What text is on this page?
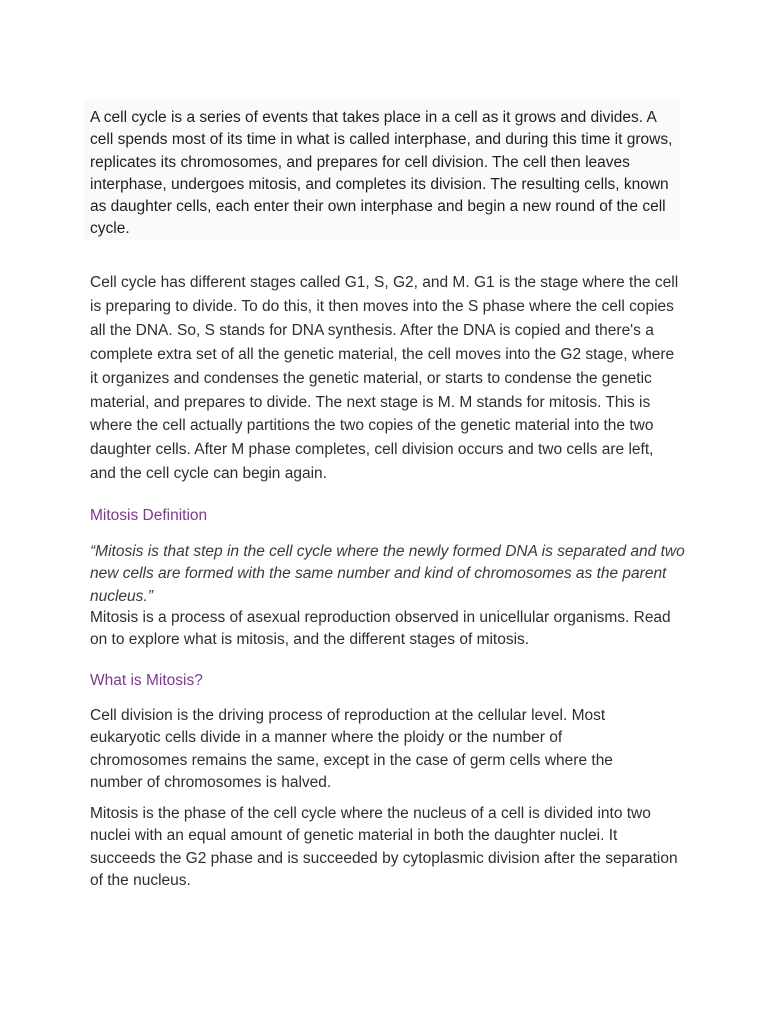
A cell cycle is a series of events that takes place in a cell as it grows and divides. A cell spends most of its time in what is called interphase, and during this time it grows, replicates its chromosomes, and prepares for cell division. The cell then leaves interphase, undergoes mitosis, and completes its division. The resulting cells, known as daughter cells, each enter their own interphase and begin a new round of the cell cycle.

Cell cycle has different stages called G1, S, G2, and M. G1 is the stage where the cell is preparing to divide. To do this, it then moves into the S phase where the cell copies all the DNA. So, S stands for DNA synthesis. After the DNA is copied and there's a complete extra set of all the genetic material, the cell moves into the G2 stage, where it organizes and condenses the genetic material, or starts to condense the genetic material, and prepares to divide. The next stage is M. M stands for mitosis. This is where the cell actually partitions the two copies of the genetic material into the two daughter cells. After M phase completes, cell division occurs and two cells are left, and the cell cycle can begin again.

Mitosis Definition

“Mitosis is that step in the cell cycle where the newly formed DNA is separated and two new cells are formed with the same number and kind of chromosomes as the parent nucleus.”

Mitosis is a process of asexual reproduction observed in unicellular organisms. Read on to explore what is mitosis, and the different stages of mitosis.

What is Mitosis?

Cell division is the driving process of reproduction at the cellular level. Most eukaryotic cells divide in a manner where the ploidy or the number of chromosomes remains the same, except in the case of germ cells where the number of chromosomes is halved.

Mitosis is the phase of the cell cycle where the nucleus of a cell is divided into two nuclei with an equal amount of genetic material in both the daughter nuclei. It succeeds the G2 phase and is succeeded by cytoplasmic division after the separation of the nucleus.
